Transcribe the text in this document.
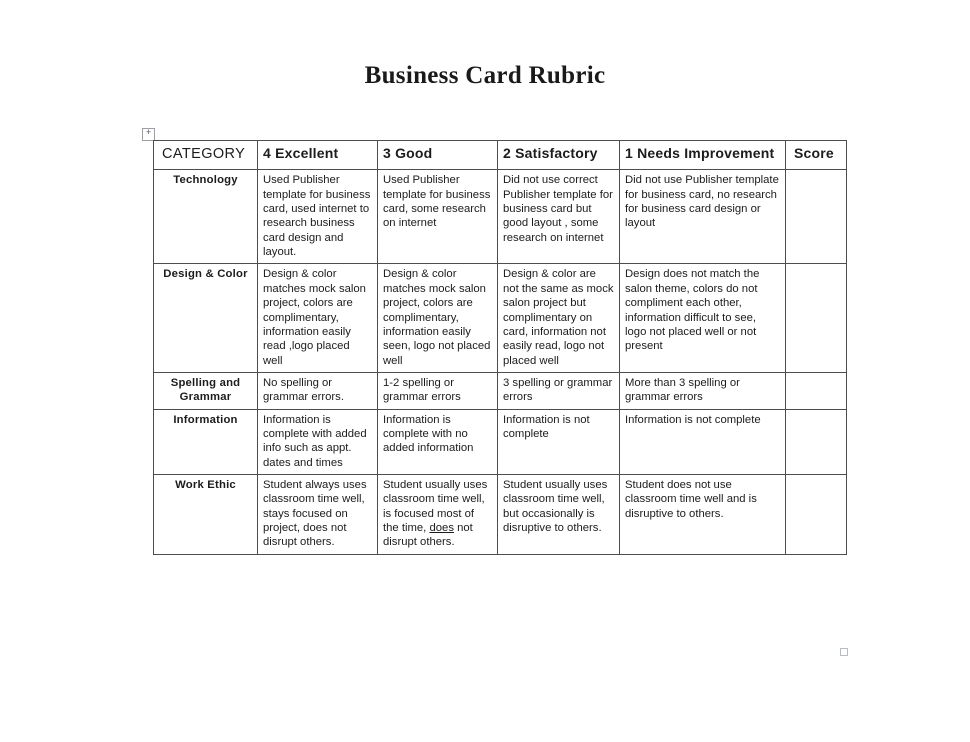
Business Card Rubric
+
CATEGORY	4 Excellent	3 Good	2 Satisfactory	1 Needs Improvement	Score
Technology	Used Publisher template for business card, used internet to research business card design and layout.	Used Publisher template for business card, some research on internet	Did not use correct Publisher template for business card but good layout , some research on internet	Did not use Publisher template for business card, no research for business card design or layout	
Design & Color	Design & color matches mock salon project, colors are complimentary, information easily read ,logo placed well	Design & color matches mock salon project, colors are complimentary, information easily seen, logo not placed well	Design & color are not the same as mock salon project but complimentary on card, information not easily read, logo not placed well	Design does not match the salon theme, colors do not compliment each other, information difficult to see, logo not placed well or not present	
Spelling and Grammar	No spelling or grammar errors.	1-2 spelling or grammar errors	3 spelling or grammar errors	More than 3 spelling or grammar errors	
Information	Information is complete with added info such as appt. dates and times	Information is complete with no added information	Information is not complete	Information is not complete	
Work Ethic	Student always uses classroom time well, stays focused on project, does not disrupt others.	Student usually uses classroom time well, is focused most of the time, does not disrupt others.	Student usually uses classroom time well, but occasionally is disruptive to others.	Student does not use classroom time well and is disruptive to others.	
